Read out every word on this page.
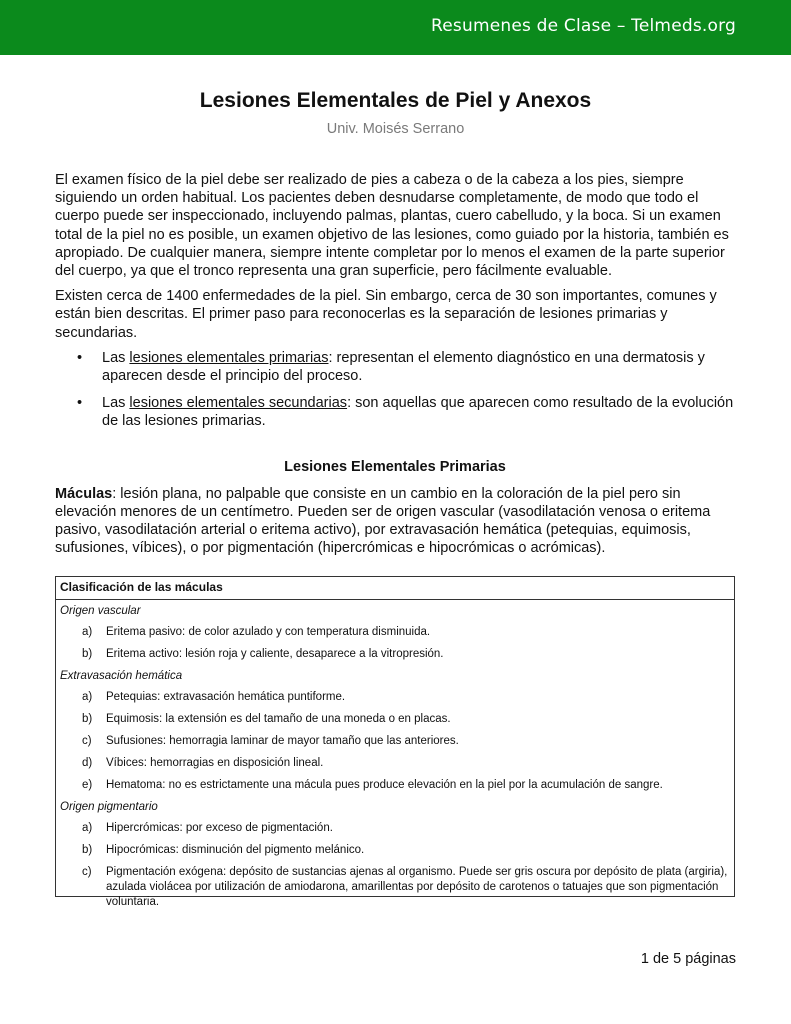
Resumenes de Clase – Telmeds.org
Lesiones Elementales de Piel y Anexos
Univ. Moisés Serrano

El examen físico de la piel debe ser realizado de pies a cabeza o de la cabeza a los pies, siempre siguiendo un orden habitual. Los pacientes deben desnudarse completamente, de modo que todo el cuerpo puede ser inspeccionado, incluyendo palmas, plantas, cuero cabelludo, y la boca. Si un examen total de la piel no es posible, un examen objetivo de las lesiones, como guiado por la historia, también es apropiado. De cualquier manera, siempre intente completar por lo menos el examen de la parte superior del cuerpo, ya que el tronco representa una gran superficie, pero fácilmente evaluable.

Existen cerca de 1400 enfermedades de la piel. Sin embargo, cerca de 30 son importantes, comunes y están bien descritas. El primer paso para reconocerlas es la separación de lesiones primarias y secundarias.

• Las lesiones elementales primarias: representan el elemento diagnóstico en una dermatosis y aparecen desde el principio del proceso.
• Las lesiones elementales secundarias: son aquellas que aparecen como resultado de la evolución de las lesiones primarias.
Lesiones Elementales Primarias

Máculas: lesión plana, no palpable que consiste en un cambio en la coloración de la piel pero sin elevación menores de un centímetro. Pueden ser de origen vascular (vasodilatación venosa o eritema pasivo, vasodilatación arterial o eritema activo), por extravasación hemática (petequias, equimosis, sufusiones, víbices), o por pigmentación (hipercrómicas e hipocrómicas o acrómicas).

Clasificación de las máculas
Origen vascular
a) Eritema pasivo: de color azulado y con temperatura disminuida.
b) Eritema activo: lesión roja y caliente, desaparece a la vitropresión.
Extravasación hemática
a) Petequias: extravasación hemática puntiforme.
b) Equimosis: la extensión es del tamaño de una moneda o en placas.
c) Sufusiones: hemorragia laminar de mayor tamaño que las anteriores.
d) Víbices: hemorragias en disposición lineal.
e) Hematoma: no es estrictamente una mácula pues produce elevación en la piel por la acumulación de sangre.
Origen pigmentario
a) Hipercrómicas: por exceso de pigmentación.
b) Hipocrómicas: disminución del pigmento melánico.
c) Pigmentación exógena: depósito de sustancias ajenas al organismo. Puede ser gris oscura por depósito de plata (argiria), azulada violácea por utilización de amiodarona, amarillentas por depósito de carotenos o tatuajes que son pigmentación voluntaria.
1 de 5 páginas
